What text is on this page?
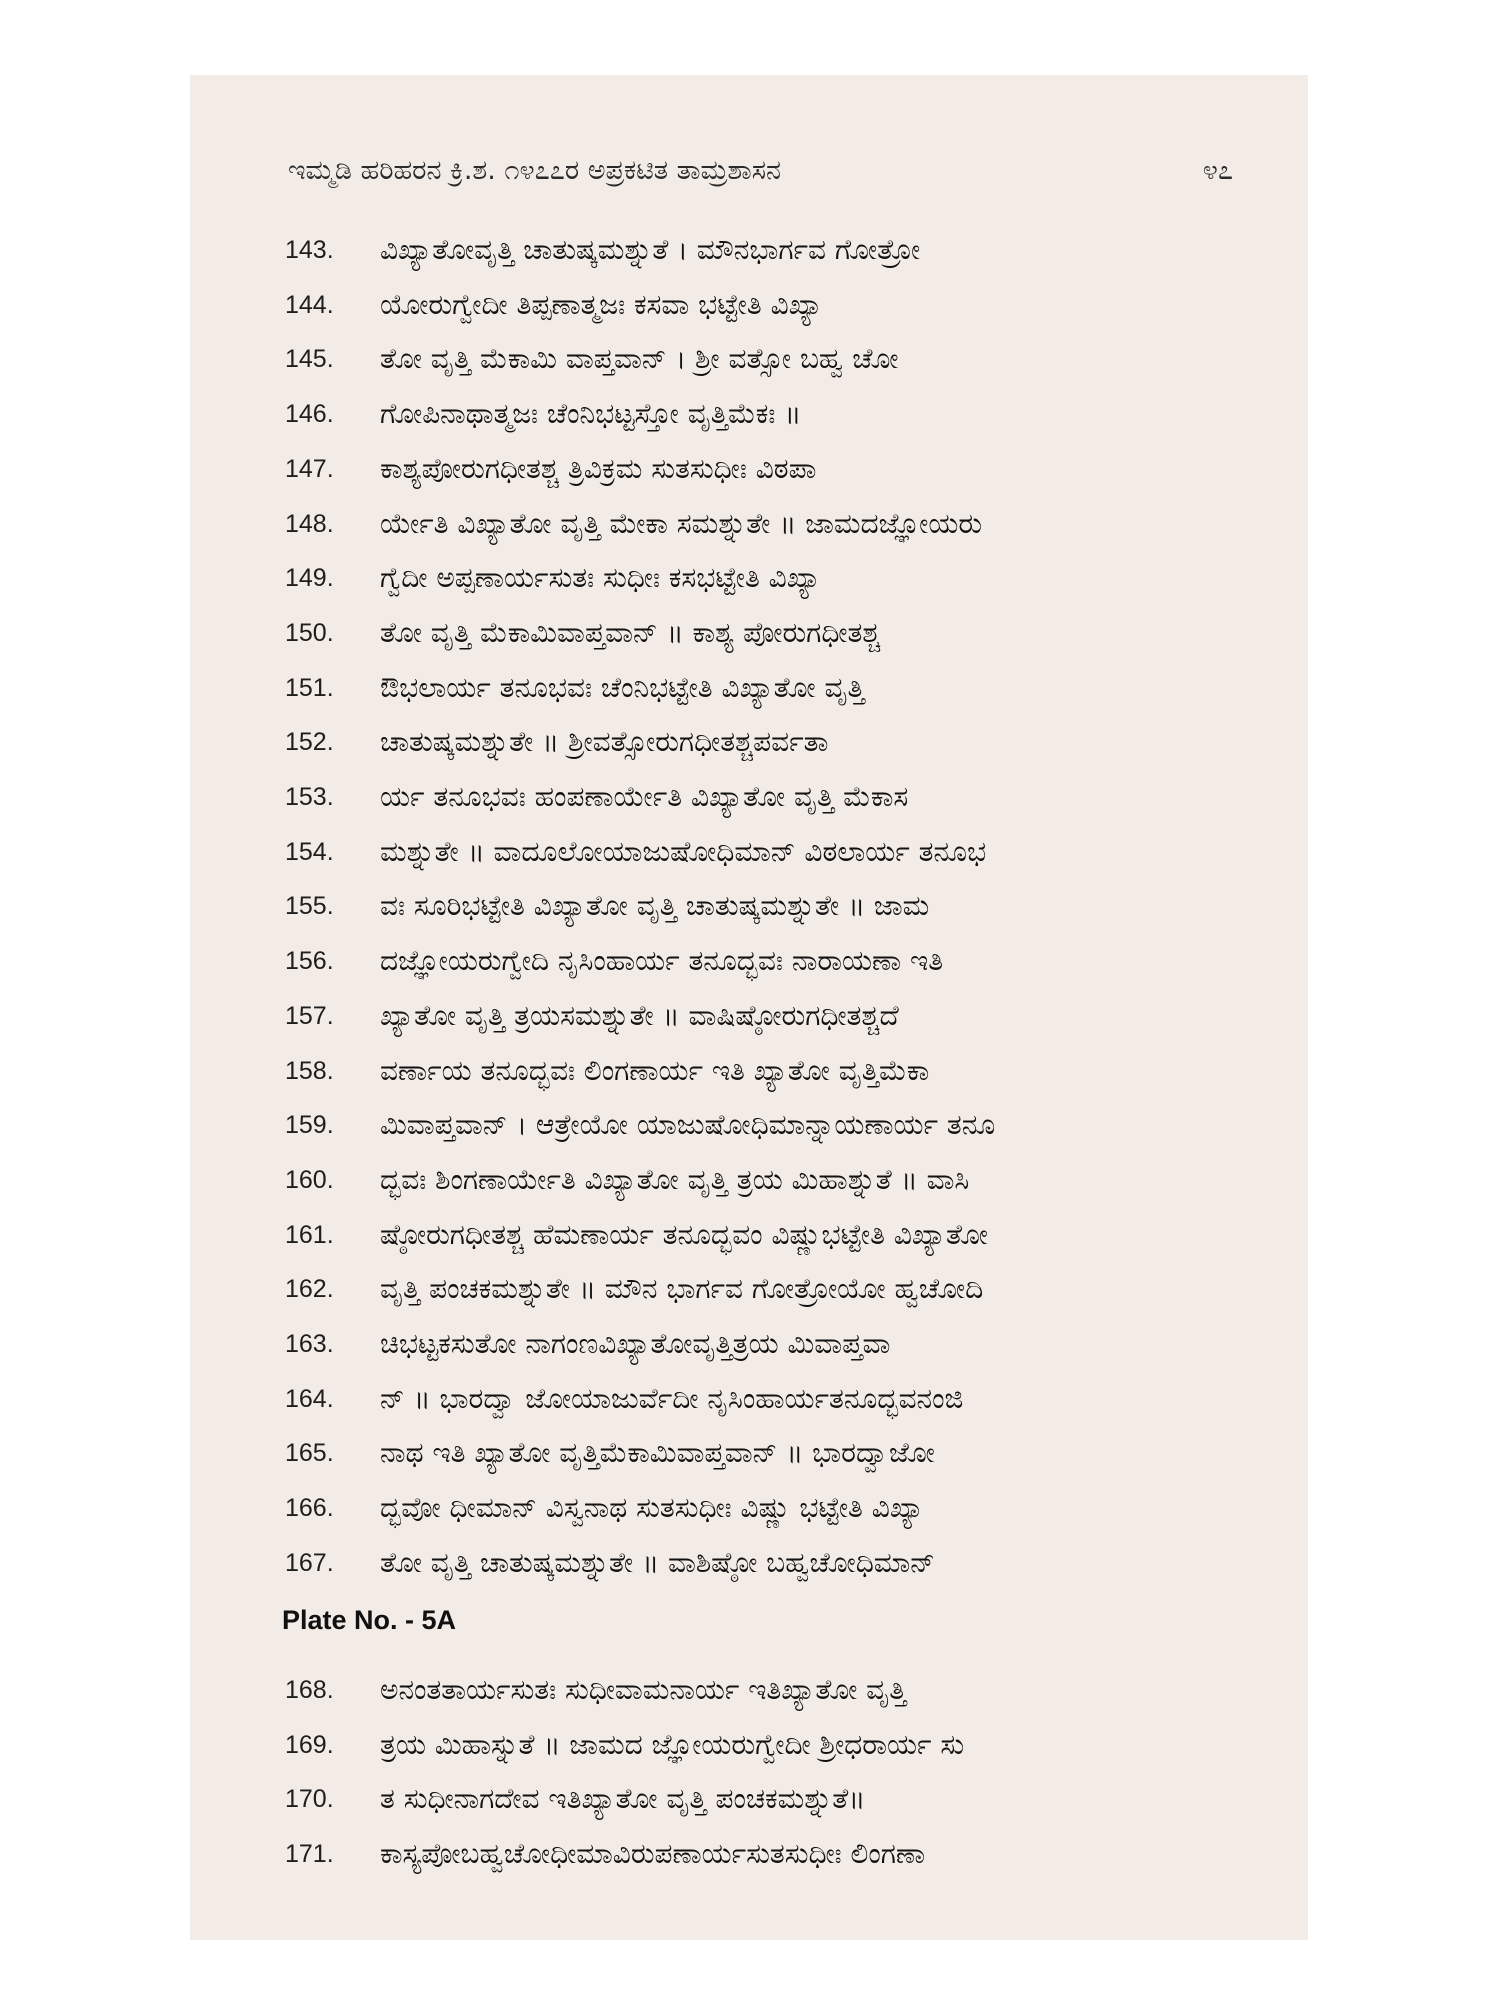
ಇಮ್ಮಡಿ ಹರಿಹರನ ಕ್ರಿ.ಶ. ೧೪೭೭ರ ಅಪ್ರಕಟಿತ ತಾಮ್ರಶಾಸನ	೪೭
143.	ವಿಖ್ಯಾತೋವೃತ್ತಿ ಚಾತುಷ್ಕಮಶ್ನುತೆ । ಮೌನಭಾರ್ಗವ ಗೋತ್ರೋ
144.	ಯೋರುಗ್ವೇದೀ ತಿಪ್ಪಣಾತ್ಮಜಃ ಕಸವಾ ಭಟ್ಟೇತಿ ವಿಖ್ಯಾ
145.	ತೋ ವೃತ್ತಿ ಮೆಕಾಮಿ ವಾಪ್ತವಾನ್ । ಶ್ರೀ ವತ್ಸೋ ಬಹ್ವ ಚೋ
146.	ಗೋಪಿನಾಥಾತ್ಮಜಃ ಚೆಂನಿಭಟ್ಟಸ್ತೋ ವೃತ್ತಿಮೆಕಃ ॥
147.	ಕಾಶ್ಯಪೋರುಗಧೀತಶ್ಚ ತ್ರಿವಿಕ್ರಮ ಸುತಸುಧೀಃ ವಿಠಪಾ
148.	ರ್ಯೇತಿ ವಿಖ್ಯಾತೋ ವೃತ್ತಿ ಮೇಕಾ ಸಮಶ್ನುತೇ ॥ ಜಾಮದಜ್ಞೋಯರು
149.	ಗ್ವೆದೀ ಅಪ್ಪಣಾರ್ಯಸುತಃ ಸುಧೀಃ ಕಸಭಟ್ಟೇತಿ ವಿಖ್ಯಾ
150.	ತೋ ವೃತ್ತಿ ಮೆಕಾಮಿವಾಪ್ತವಾನ್ ॥ ಕಾಶ್ಯ ಪೋರುಗಧೀತಶ್ಚ
151.	ಔಭಲಾರ್ಯ ತನೂಭವಃ ಚೆಂನಿಭಟ್ಟೇತಿ ವಿಖ್ಯಾತೋ ವೃತ್ತಿ
152.	ಚಾತುಷ್ಕಮಶ್ನುತೇ ॥ ಶ್ರೀವತ್ಸೋರುಗಧೀತಶ್ಚಪರ್ವತಾ
153.	ರ್ಯ ತನೂಭವಃ ಹಂಪಣಾರ್ಯೇತಿ ವಿಖ್ಯಾತೋ ವೃತ್ತಿ ಮೆಕಾಸ
154.	ಮಶ್ನುತೇ ॥ ವಾದೂಲೋಯಾಜುಷೋಧಿಮಾನ್ ವಿಠಲಾರ್ಯ ತನೂಭ
155.	ವಃ ಸೂರಿಭಟ್ಟೇತಿ ವಿಖ್ಯಾತೋ ವೃತ್ತಿ ಚಾತುಷ್ಕಮಶ್ನುತೇ ॥ ಜಾಮ
156.	ದಜ್ಞೋಯರುಗ್ವೇದಿ ನೃಸಿಂಹಾರ್ಯ ತನೂದ್ಭವಃ ನಾರಾಯಣಾ ಇತಿ
157.	ಖ್ಯಾತೋ ವೃತ್ತಿ ತ್ರಯಸಮಶ್ನುತೇ ॥ ವಾಷಿಷ್ಠೋರುಗಧೀತಶ್ಚದೆ
158.	ವರ್ಣಾಯ ತನೂದ್ಭವಃ ಲಿಂಗಣಾರ್ಯ ಇತಿ ಖ್ಯಾತೋ ವೃತ್ತಿಮೆಕಾ
159.	ಮಿವಾಪ್ತವಾನ್ । ಆತ್ರೇಯೋ ಯಾಜುಷೋಧಿಮಾನ್ನಾಯಣಾರ್ಯ ತನೂ
160.	ದ್ಭವಃ ಶಿಂಗಣಾರ್ಯೇತಿ ವಿಖ್ಯಾತೋ ವೃತ್ತಿ ತ್ರಯ ಮಿಹಾಶ್ನುತೆ ॥ ವಾಸಿ
161.	ಷ್ಠೋರುಗಧೀತಶ್ಚ ಹೆಮಣಾರ್ಯ ತನೂದ್ಭವಂ ವಿಷ್ಣುಭಟ್ಟೇತಿ ವಿಖ್ಯಾತೋ
162.	ವೃತ್ತಿ ಪಂಚಕಮಶ್ನುತೇ ॥ ಮೌನ ಭಾರ್ಗವ ಗೋತ್ರೋಯೋ ಹ್ವಚೋದಿ
163.	ಚಿಭಟ್ಟಕಸುತೋ ನಾಗಂಣವಿಖ್ಯಾತೋವೃತ್ತಿತ್ರಯ ಮಿವಾಪ್ತವಾ
164.	ನ್ ॥ ಭಾರದ್ವಾ ಜೋಯಾಜುರ್ವೆದೀ ನೃಸಿಂಹಾರ್ಯತನೂದ್ಭವನಂಜಿ
165.	ನಾಥ ಇತಿ ಖ್ಯಾತೋ ವೃತ್ತಿಮೆಕಾಮಿವಾಪ್ತವಾನ್ ॥ ಭಾರದ್ವಾಜೋ
166.	ದ್ಭವೋ ಧೀಮಾನ್ ವಿಸ್ವನಾಥ ಸುತಸುಧೀಃ ವಿಷ್ಣು ಭಟ್ಟೇತಿ ವಿಖ್ಯಾ
167.	ತೋ ವೃತ್ತಿ ಚಾತುಷ್ಕಮಶ್ನುತೇ ॥ ವಾಶಿಷ್ಠೋ ಬಹ್ವಚೋಧಿಮಾನ್
Plate No. - 5A
168.	ಅನಂತತಾರ್ಯಸುತಃ ಸುಧೀವಾಮನಾರ್ಯ ಇತಿಖ್ಯಾತೋ ವೃತ್ತಿ
169.	ತ್ರಯ ಮಿಹಾಸ್ನುತೆ ॥ ಜಾಮದ ಜ್ಞೋಯರುಗ್ವೇದೀ ಶ್ರೀಧರಾರ್ಯ ಸು
170.	ತ ಸುಧೀನಾಗದೇವ ಇತಿಖ್ಯಾತೋ ವೃತ್ತಿ ಪಂಚಕಮಶ್ನುತೆ॥
171.	ಕಾಸ್ಯಪೋಬಹ್ವಚೋಧೀಮಾವಿರುಪಣಾರ್ಯಸುತಸುಧೀಃ ಲಿಂಗಣಾ
